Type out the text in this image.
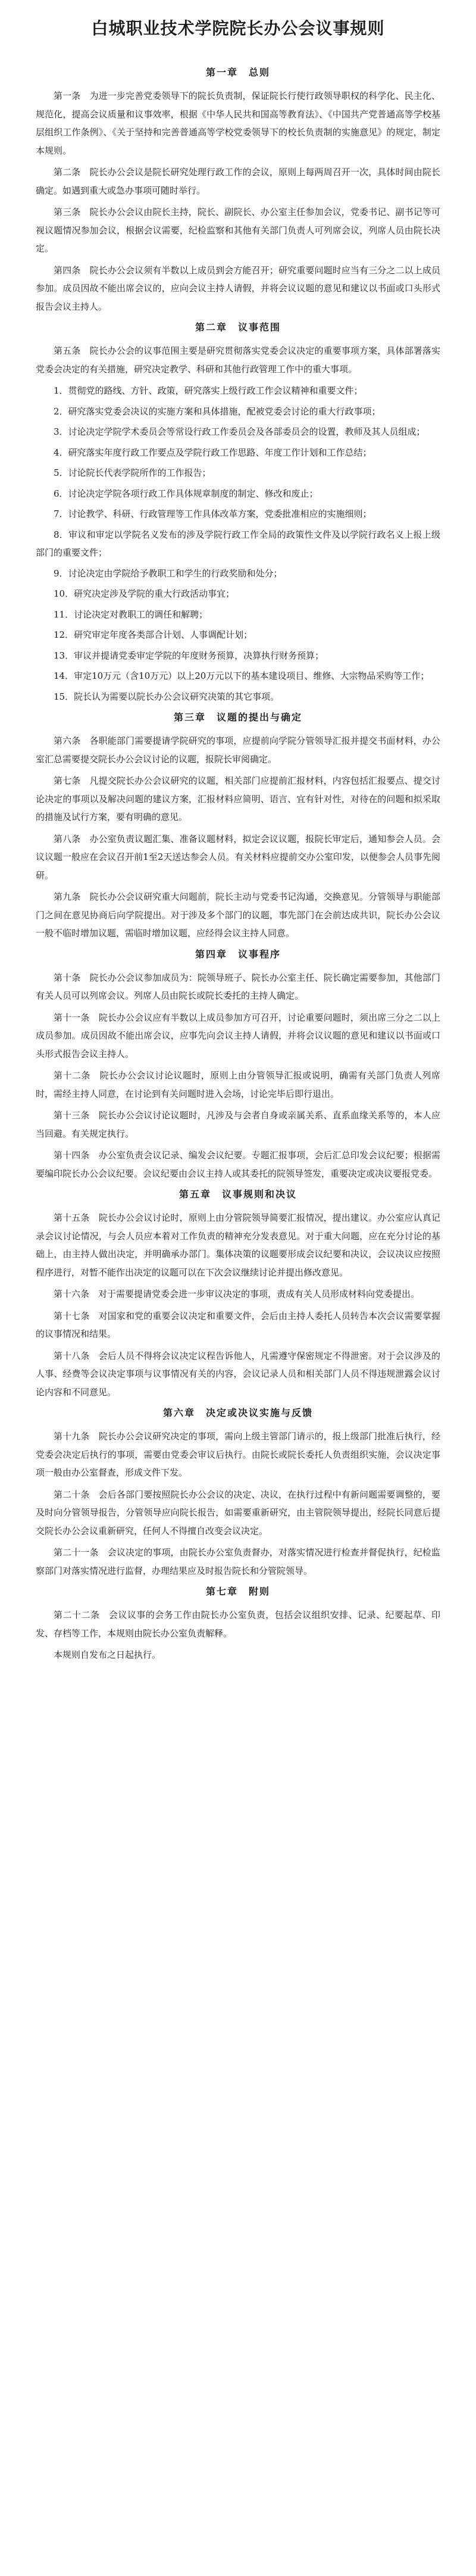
白城职业技术学院院长办公会议事规则
第一章　总则

第一条　为进一步完善党委领导下的院长负责制，保证院长行使行政领导职权的科学化、民主化、规范化，提高会议质量和议事效率，根据《中华人民共和国高等教育法》、《中国共产党普通高等学校基层组织工作条例》、《关于坚持和完善普通高等学校党委领导下的校长负责制的实施意见》的规定，制定本规则。

第二条　院长办公会议是院长研究处理行政工作的会议，原则上每两周召开一次，具体时间由院长确定。如遇到重大或急办事项可随时举行。

第三条　院长办公会议由院长主持，院长、副院长、办公室主任参加会议，党委书记、副书记等可视议题情况参加会议，根据会议需要，纪检监察和其他有关部门负责人可列席会议，列席人员由院长决定。

第四条　院长办公会议须有半数以上成员到会方能召开；研究重要问题时应当有三分之二以上成员参加。成员因故不能出席会议的，应向会议主持人请假，并将会议议题的意见和建议以书面或口头形式报告会议主持人。

第二章　议事范围

第五条　院长办公会的议事范围主要是研究贯彻落实党委会议决定的重要事项方案，具体部署落实党委会决定的有关措施，研究决定教学、科研和其他行政管理工作中的重大事项。

1．贯彻党的路线、方针、政策，研究落实上级行政工作会议精神和重要文件；

2．研究落实党委会决议的实施方案和具体措施，配被党委会讨论的重大行政事项；

3．讨论决定学院学术委员会等常设行政工作委员会及各部委员会的设置，教师及其人员组成；

4．研究落实年度行政工作要点及学院行政工作思路、年度工作计划和工作总结；

5．讨论院长代表学院所作的工作报告；

6．讨论决定学院各项行政工作具体规章制度的制定、修改和废止；

7．讨论教学、科研、行政管理等工作具体改革方案，党委批准相应的实施细则；

8．审议和审定以学院名义发布的涉及学院行政工作全局的政策性文件及以学院行政名义上报上级部门的重要文件；

9．讨论决定由学院给予教职工和学生的行政奖励和处分；

10．研究决定涉及学院的重大行政活动事宜；

11．讨论决定对教职工的调任和解聘；

12．研究审定年度各类部合计划、人事调配计划；

13．审议并提请党委审定学院的年度财务预算，决算执行财务预算；

14．审定10万元（含10万元）以上20万元以下的基本建设项目、维修、大宗物品采购等工作；

15．院长认为需要以院长办公会议研究决策的其它事项。

第三章　议题的提出与确定

第六条　各职能部门需要提请学院研究的事项，应提前向学院分管领导汇报并提交书面材料，办公室汇总需要提交院长办公会议讨论的议题，报院长审阅确定。

第七条　凡提交院长办公会议研究的议题，相关部门应提前汇报材料，内容包括汇报要点、提交讨论决定的事项以及解决问题的建议方案，汇报材料应简明、语言、宜有针对性，对待在的问题和拟采取的措施及试行方案，要有明确的意见。

第八条　办公室负责议题汇集、准备议题材料，拟定会议议题，报院长审定后，通知参会人员。会议议题一般应在会议召开前1至2天送达参会人员。有关材料应提前交办公室印发，以便参会人员事先阅研。

第九条　院长办公会议研究重大问题前，院长主动与党委书记沟通，交换意见。分管领导与职能部门之间在意见协商后向学院提出。对于涉及多个部门的议题，事先部门在会前达成共识，院长办公会议一般不临时增加议题，需临时增加议题，应经得会议主持人同意。

第四章　议事程序

第十条　院长办公会议参加成员为：院领导班子、院长办公室主任、院长确定需要参加，其他部门有关人员可以列席会议。列席人员由院长或院长委托的主持人确定。

第十一条　院长办公会议应有半数以上成员参加方可召开，讨论重要问题时，须出席三分之二以上成员参加。成员因故不能出席会议，应事先向会议主持人请假，并将会议议题的意见和建议以书面或口头形式报告会议主持人。

第十二条　院长办公会议讨论议题时，原则上由分管领导汇报或说明，确需有关部门负责人列席时，需经主持人同意，在讨论到有关问题时进入会场，讨论完毕后即行退出。

第十三条　院长办公会议讨论议题时，凡涉及与会者自身或亲属关系、直系血缘关系等的，本人应当回避。有关规定执行。

第十四条　办公室负责会议记录、编发会议纪要。专题汇报事项，会后汇总印发会议纪要；根据需要编印院长办公会议纪要。会议纪要由会议主持人或其委托的院领导签发，重要决定或决议要报党委。

第五章　议事规则和决议

第十五条　院长办公会议讨论时，原则上由分管院领导简要汇报情况，提出建议。办公室应认真记录会议讨论情况，与会人员应本着对工作负责的精神充分发表意见。对于重大问题，应在充分讨论的基础上，由主持人做出决定，并明确承办部门。集体决策的议题要形成会议纪要和决议，会议决议应按照程序进行，对暂不能作出决定的议题可以在下次会议继续讨论并提出修改意见。

第十六条　对于需要提请党委会进一步审议决定的事项，责成有关人员形成材料向党委提出。

第十七条　对国家和党的重要会议决定和重要文件，会后由主持人委托人员转告本次会议需要掌握的议事情况和结果。

第十八条　会后人员不得将会议决定议程告诉他人，凡需遵守保密规定不得泄密。对于会议涉及的人事、经费等会议决定事项与议事情况有关的内容，会议记录人员和相关部门人员不得违规泄露会议讨论内容和不同意见。

第六章　决定或决议实施与反馈

第十九条　院长办公会议研究决定的事项，需向上级主管部门请示的，报上级部门批准后执行，经党委会决定后执行的事项，需要由党委会审议后执行。由院长或院长委托人负责组织实施，会议决定事项一般由办公室督查，形成文件下发。

第二十条　会后各部门要按照院长办公会议的决定、决议，在执行过程中有新问题需要调整的，要及时向分管领导报告，分管领导应向院长报告，如需要重新研究，由主管院领导提出，经院长同意后提交院长办公会议重新研究，任何人不得擅自改变会议决定。

第二十一条　会议决定的事项，由院长办公室负责督办，对落实情况进行检查并督促执行，纪检监察部门对落实情况进行监督，办理结果应及时报告院长和分管院领导。

第七章　附则

第二十二条　会议议事的会务工作由院长办公室负责，包括会议组织安排、记录、纪要起草、印发、存档等工作，本规则由院长办公室负责解释。

本规则自发布之日起执行。
